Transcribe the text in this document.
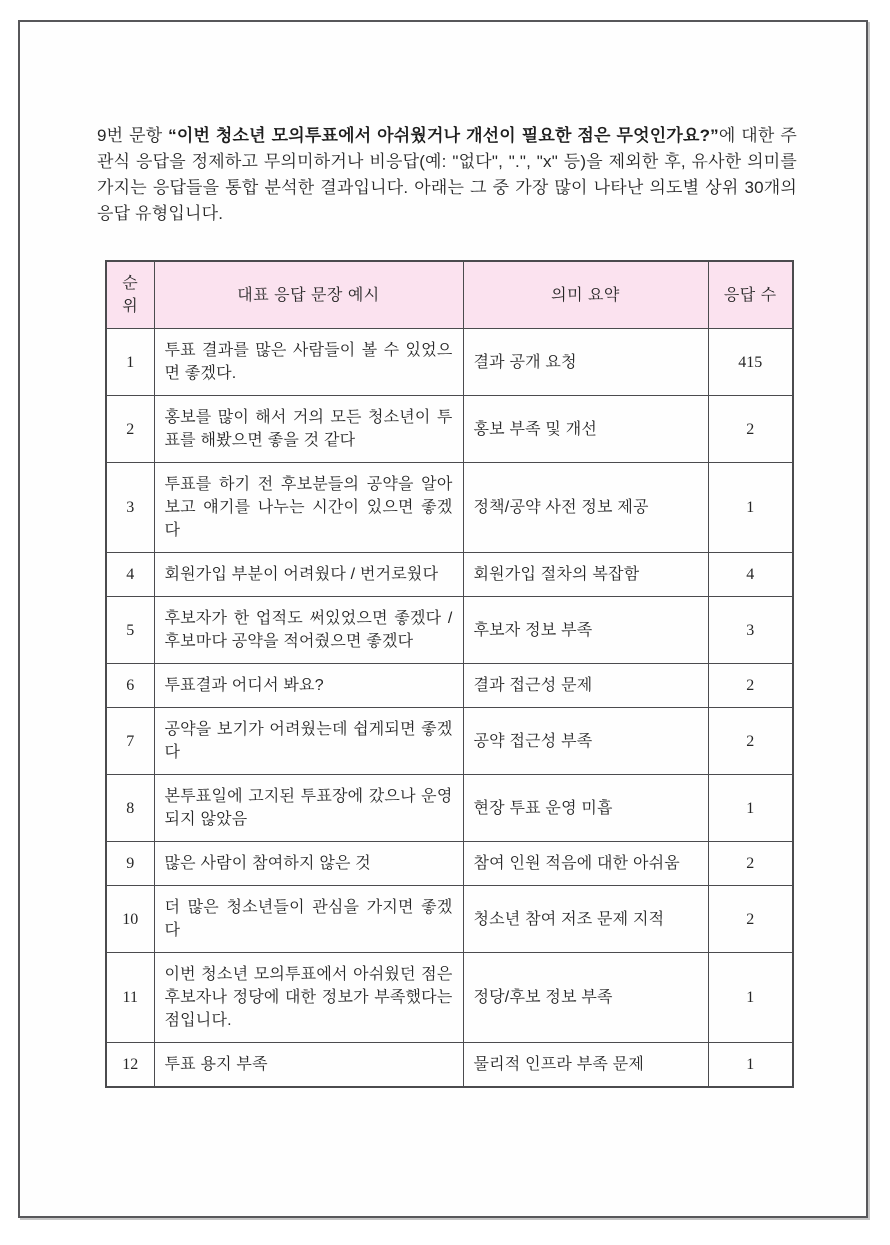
9번 문항 “이번 청소년 모의투표에서 아쉬웠거나 개선이 필요한 점은 무엇인가요?”에 대한 주관식 응답을 정제하고 무의미하거나 비응답(예: "없다", ".", "x" 등)을 제외한 후, 유사한 의미를 가지는 응답들을 통합 분석한 결과입니다. 아래는 그 중 가장 많이 나타난 의도별 상위 30개의 응답 유형입니다.

순위	대표 응답 문장 예시	의미 요약	응답 수
1	투표 결과를 많은 사람들이 볼 수 있었으면 좋겠다.	결과 공개 요청	415
2	홍보를 많이 해서 거의 모든 청소년이 투표를 해봤으면 좋을 것 같다	홍보 부족 및 개선	2
3	투표를 하기 전 후보분들의 공약을 알아보고 얘기를 나누는 시간이 있으면 좋겠다	정책/공약 사전 정보 제공	1
4	회원가입 부분이 어려웠다 / 번거로웠다	회원가입 절차의 복잡함	4
5	후보자가 한 업적도 써있었으면 좋겠다 / 후보마다 공약을 적어줬으면 좋겠다	후보자 정보 부족	3
6	투표결과 어디서 봐요?	결과 접근성 문제	2
7	공약을 보기가 어려웠는데 쉽게되면 좋겠다	공약 접근성 부족	2
8	본투표일에 고지된 투표장에 갔으나 운영되지 않았음	현장 투표 운영 미흡	1
9	많은 사람이 참여하지 않은 것	참여 인원 적음에 대한 아쉬움	2
10	더 많은 청소년들이 관심을 가지면 좋겠다	청소년 참여 저조 문제 지적	2
11	이번 청소년 모의투표에서 아쉬웠던 점은 후보자나 정당에 대한 정보가 부족했다는 점입니다.	정당/후보 정보 부족	1
12	투표 용지 부족	물리적 인프라 부족 문제	1
